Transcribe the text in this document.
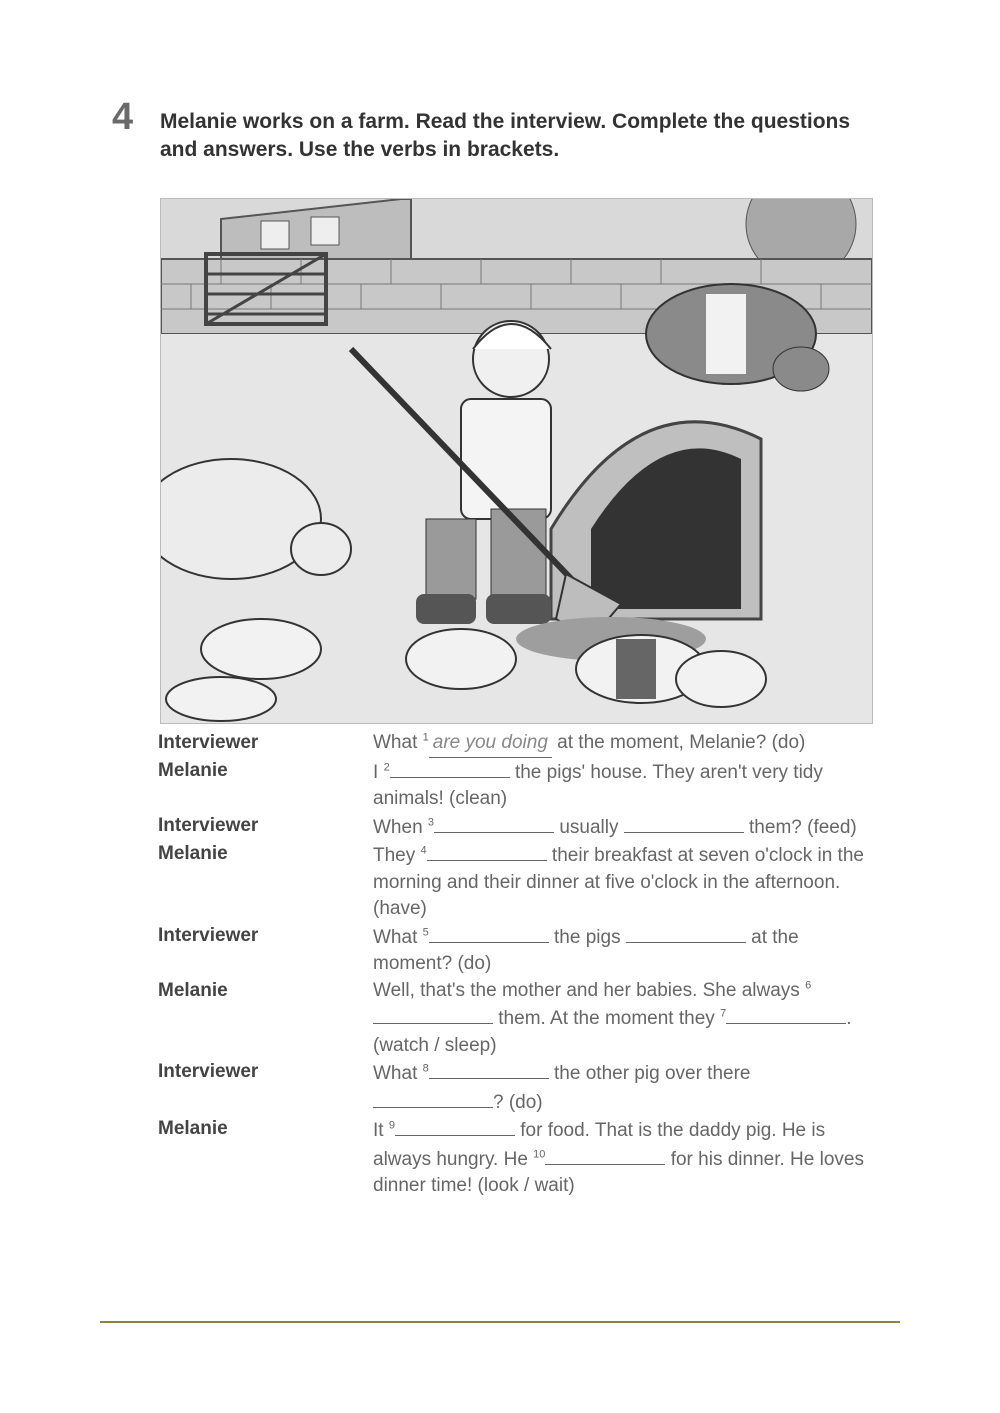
4 Melanie works on a farm. Read the interview. Complete the questions and answers. Use the verbs in brackets.
Interviewer	What $^1$ are you doing at the moment, Melanie? (do)
Melanie	I $^2$	the pigs' house. They aren't very tidy animals! (clean)
Interviewer	When $^3$	usually	them? (feed)
Melanie	They $^4$	their breakfast at seven o'clock in the morning and their dinner at five o'clock in the afternoon. (have)
Interviewer	What $^5$	the pigs	at the moment? (do)
Melanie	Well, that's the mother and her babies. She always $^6$ them. At the moment they $^7$	. (watch / sleep)
Interviewer	What $^8$	the other pig over there ? (do)
Melanie	It $^9$	for food. That is the daddy pig. He is always hungry. He $^{10}$	for his dinner. He loves dinner time! (look / wait)
